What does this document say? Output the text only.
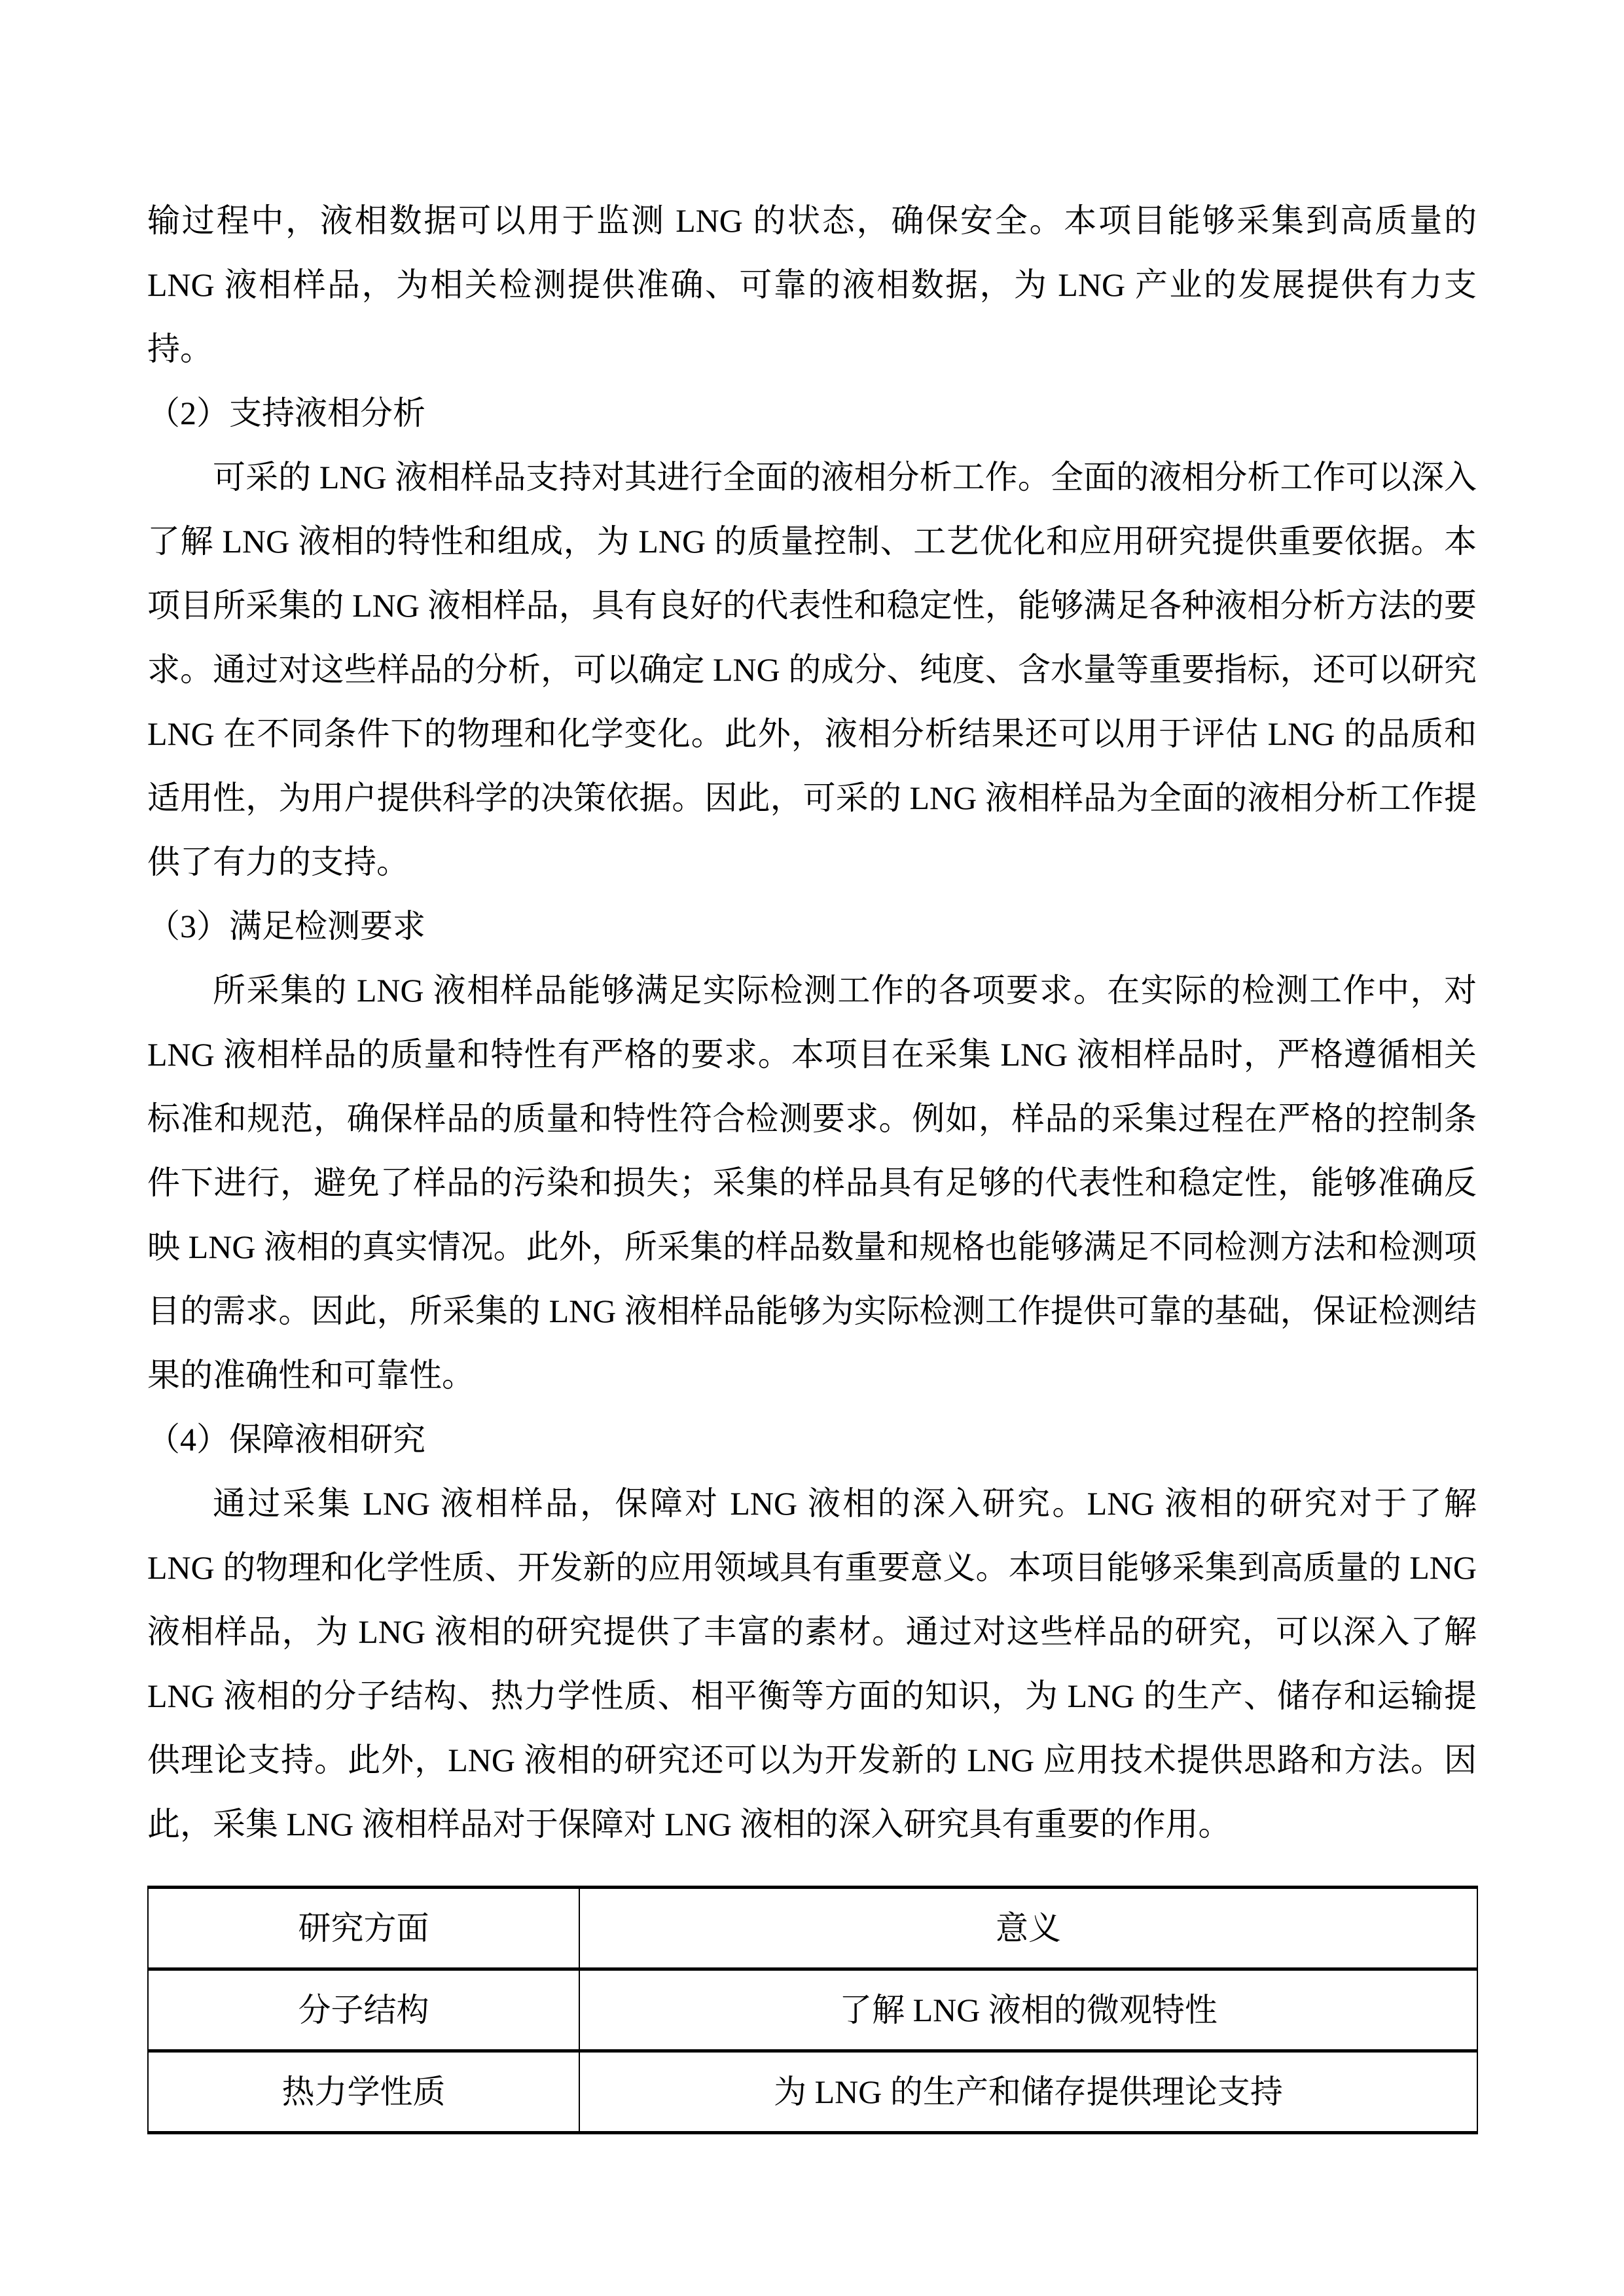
输过程中，液相数据可以用于监测 LNG 的状态，确保安全。本项目能够采集到高质量的 LNG 液相样品，为相关检测提供准确、可靠的液相数据，为 LNG 产业的发展提供有力支持。

（2）支持液相分析

可采的 LNG 液相样品支持对其进行全面的液相分析工作。全面的液相分析工作可以深入了解 LNG 液相的特性和组成，为 LNG 的质量控制、工艺优化和应用研究提供重要依据。本项目所采集的 LNG 液相样品，具有良好的代表性和稳定性，能够满足各种液相分析方法的要求。通过对这些样品的分析，可以确定 LNG 的成分、纯度、含水量等重要指标，还可以研究 LNG 在不同条件下的物理和化学变化。此外，液相分析结果还可以用于评估 LNG 的品质和适用性，为用户提供科学的决策依据。因此，可采的 LNG 液相样品为全面的液相分析工作提供了有力的支持。

（3）满足检测要求

所采集的 LNG 液相样品能够满足实际检测工作的各项要求。在实际的检测工作中，对 LNG 液相样品的质量和特性有严格的要求。本项目在采集 LNG 液相样品时，严格遵循相关标准和规范，确保样品的质量和特性符合检测要求。例如，样品的采集过程在严格的控制条件下进行，避免了样品的污染和损失；采集的样品具有足够的代表性和稳定性，能够准确反映 LNG 液相的真实情况。此外，所采集的样品数量和规格也能够满足不同检测方法和检测项目的需求。因此，所采集的 LNG 液相样品能够为实际检测工作提供可靠的基础，保证检测结果的准确性和可靠性。

（4）保障液相研究

通过采集 LNG 液相样品，保障对 LNG 液相的深入研究。LNG 液相的研究对于了解 LNG 的物理和化学性质、开发新的应用领域具有重要意义。本项目能够采集到高质量的 LNG 液相样品，为 LNG 液相的研究提供了丰富的素材。通过对这些样品的研究，可以深入了解 LNG 液相的分子结构、热力学性质、相平衡等方面的知识，为 LNG 的生产、储存和运输提供理论支持。此外，LNG 液相的研究还可以为开发新的 LNG 应用技术提供思路和方法。因此，采集 LNG 液相样品对于保障对 LNG 液相的深入研究具有重要的作用。

研究方面	意义
分子结构	了解 LNG 液相的微观特性
热力学性质	为 LNG 的生产和储存提供理论支持
